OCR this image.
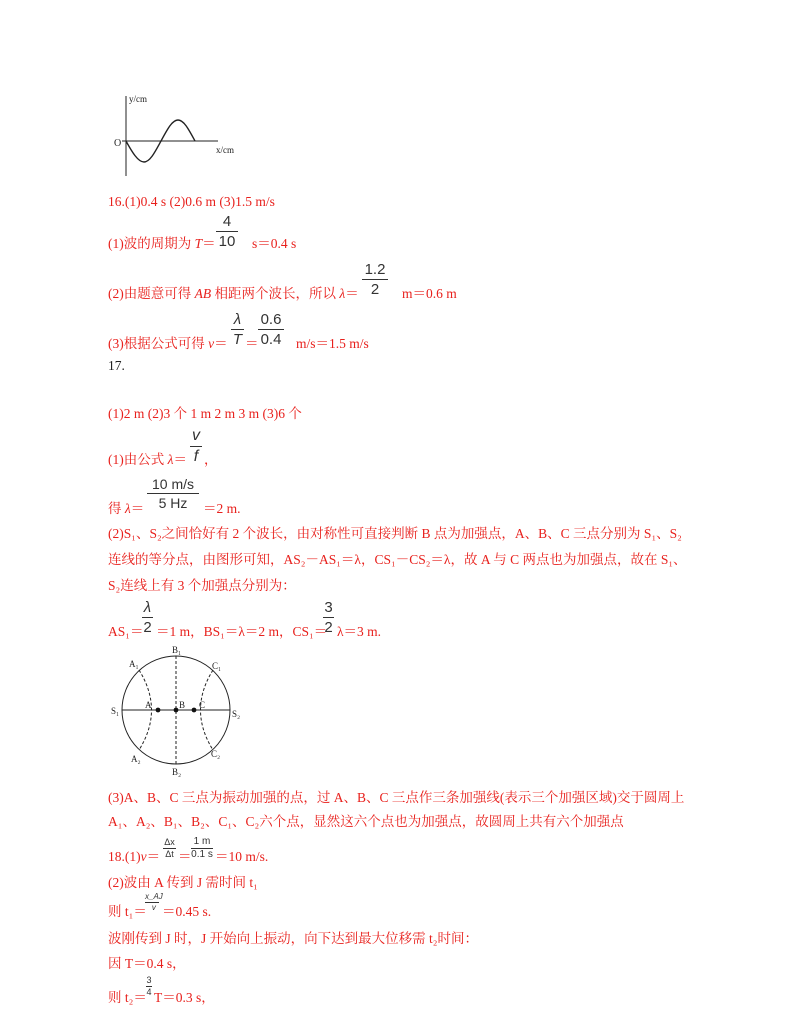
y/cm
x/cm
O
16.(1)0.4 s (2)0.6 m (3)1.5 m/s
(1)波的周期为 T＝
4
10 s＝0.4 s
(2)由题意可得 AB 相距两个波长，所以 λ＝
1.2
2	m＝0.6 m
(3)根据公式可得 v＝
λ
T ＝
0.6
0.4 m/s＝1.5 m/s
17.
(1)2 m (2)3 个 1 m 2 m 3 m (3)6 个
(1)由公式 λ＝
v
f ，
得 λ＝
10 m/s
5 Hz	＝2 m.
(2)S₁、S₂之间恰好有 2 个波长，由对称性可直接判断 B 点为加强点，A、B、C 三点分别为 S₁、S₂
连线的等分点，由图形可知，AS₂－AS₁＝λ，CS₁－CS₂＝λ，故 A 与 C 两点也为加强点，故在 S₁、
S₂连线上有 3 个加强点分别为：
AS₁＝
λ
2 ＝1 m，BS₁＝λ＝2 m，CS₁＝
3
2 λ＝3 m.
A₁
B₁
C₁
S₁	S₂
A	B C
A₂
B₂
C₂
(3)A、B、C 三点为振动加强的点，过 A、B、C 三点作三条加强线(表示三个加强区域)交于圆周上
A₁、A₂、B₁、B₂、C₁、C₂六个点，显然这六个点也为加强点，故圆周上共有六个加强点
18.(1)v＝
Δx
Δt ＝
1 m
0.1 s ＝10 m/s.
(2)波由 A 传到 J 需时间 t₁
则 t₁＝
x_AJ
v ＝0.45 s.
波刚传到 J 时，J 开始向上振动，向下达到最大位移需 t₂时间：
因 T＝0.4 s，
则 t₂＝
3
4 T＝0.3 s，
